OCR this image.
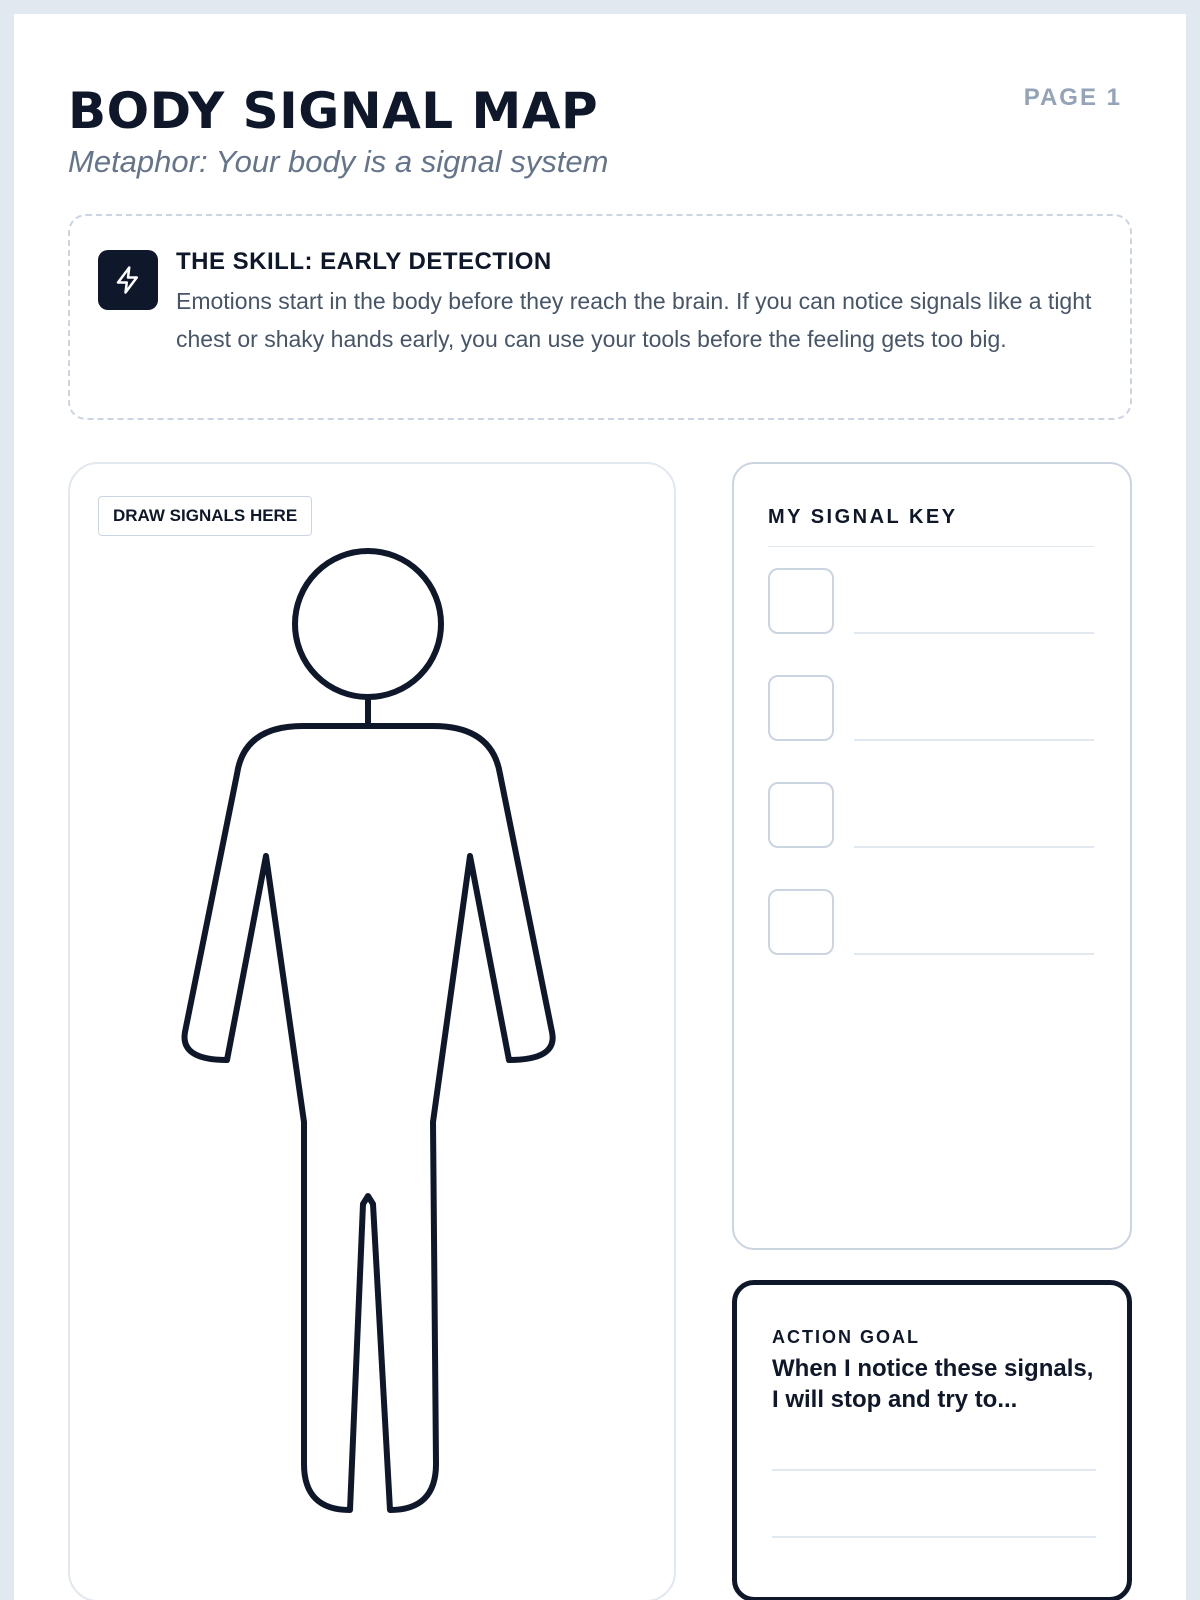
BODY SIGNAL MAP	PAGE 1
Metaphor: Your body is a signal system
THE SKILL: EARLY DETECTION
Emotions start in the body before they reach the brain. If you can notice signals like a tight chest or shaky hands early, you can use your tools before the feeling gets too big.
DRAW SIGNALS HERE	MY SIGNAL KEY
ACTION GOAL
When I notice these signals, I will stop and try to...
